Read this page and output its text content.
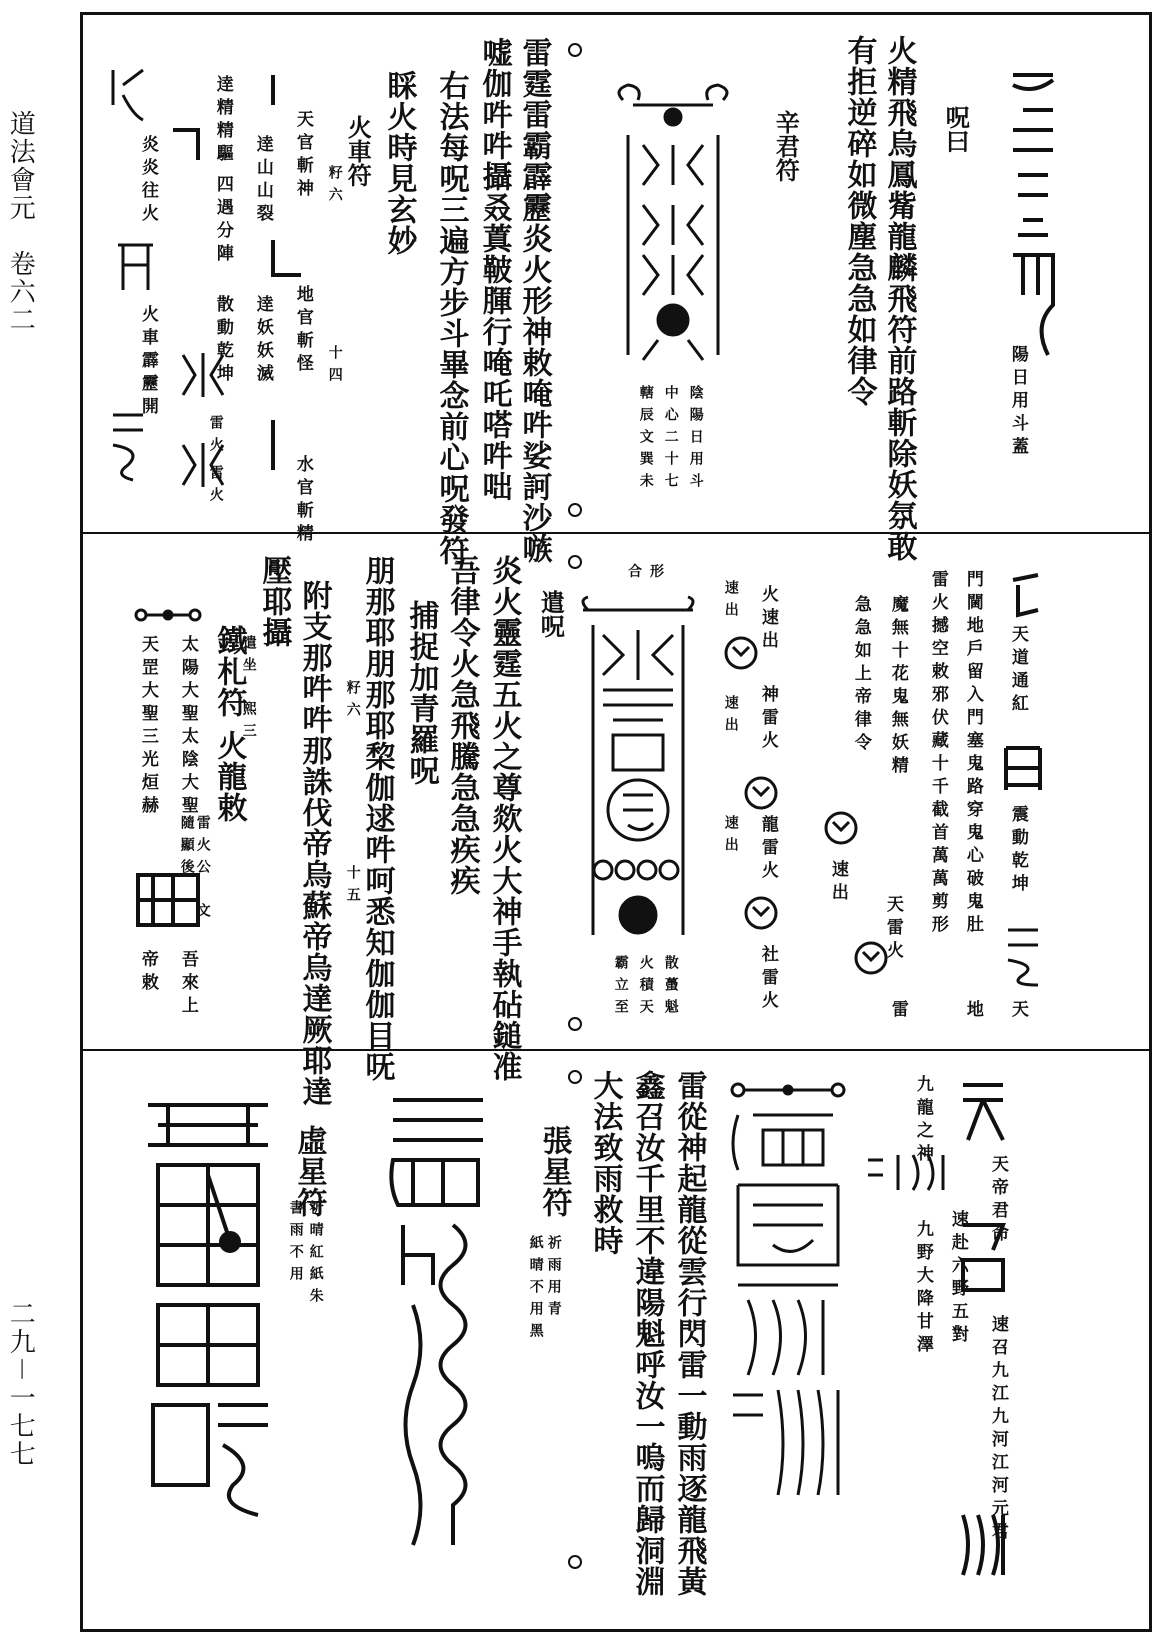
道法會元　卷六二
二九－一七七
陽日用斗蓋
呪曰
火精飛烏鳳觜龍麟飛符前路斬除妖氛敢
有拒逆碎如微塵急急如律令
辛君符
陰陽日用斗
中心二十七
轄辰文巽未
雷霆雷霸霹靂炎火形神敕唵吽娑訶沙嗾
嘘伽吽吽攝叒蒖鞁腪行唵吒嗒吽咄
右法每呪三遍方步斗畢念前心呪發符
睬火時見玄妙
火車符
籽六
天官斬神
地官斬怪 十四
水官斬精
逹山山裂
逹妖妖滅
逹精精驅
四遇分陣
散動乾坤
雷火
雷火
炎炎往火
火車霹靂開
天道通紅
震動乾坤
天
門閫地戶留入門塞鬼路穿鬼心破鬼肚
雷火撼空敕邪伏藏十千截首萬萬剪形
魔無十花鬼無妖精
急急如上帝律令
天雷火
地
雷
速出
火速出
速出
神雷火
速出
龍雷火
速出
社雷火
合形
散蠆魁
火積天
霸立至
遣呪
炎火靈霆五火之尊欻火大神手執砧鎚准
吾律令火急飛騰急急疾疾
捕捉加青羅呪
朋那耶朋那耶棃伽逑吽呵悉知伽伽目呒
籽六
十五
附支那吽吽那誅伐帝烏蘇帝烏達厥耶達
壓耶攝
遣坐　熙三
鐵札符
火龍敕
雷火公　文
隨顯後
天罡大聖三光烜赫 太陽大聖太陰大聖
吾來上
帝敕
天帝君命
速召九江九河江河元君
九龍之神
速赴六野五對
九野大降甘澤
雷從神起龍從雲行閃雷一動雨逐龍飛黃
鑫召汝千里不違陽魁呼汝一嗚而歸洞淵
大法致雨救時
張星符
祈雨用青
紙晴不用黑
虛星符
祈晴紅紙朱
書雨不用
